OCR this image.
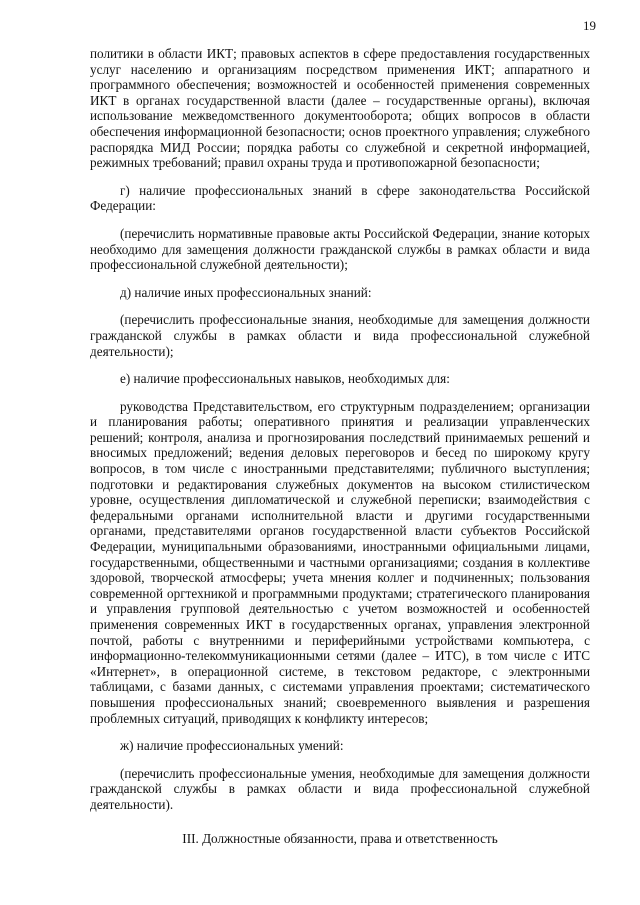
19

политики в области ИКТ; правовых аспектов в сфере предоставления государственных услуг населению и организациям посредством применения ИКТ; аппаратного и программного обеспечения; возможностей и особенностей применения современных ИКТ в органах государственной власти (далее – государственные органы), включая использование межведомственного документооборота; общих вопросов в области обеспечения информационной безопасности; основ проектного управления; служебного распорядка МИД России; порядка работы со служебной и секретной информацией, режимных требований; правил охраны труда и противопожарной безопасности;

г) наличие профессиональных знаний в сфере законодательства Российской Федерации:

(перечислить нормативные правовые акты Российской Федерации, знание которых необходимо для замещения должности гражданской службы в рамках области и вида профессиональной служебной деятельности);

д) наличие иных профессиональных знаний:

(перечислить профессиональные знания, необходимые для замещения должности гражданской службы в рамках области и вида профессиональной служебной деятельности);

е) наличие профессиональных навыков, необходимых для:

руководства Представительством, его структурным подразделением; организации и планирования работы; оперативного принятия и реализации управленческих решений; контроля, анализа и прогнозирования последствий принимаемых решений и вносимых предложений; ведения деловых переговоров и бесед по широкому кругу вопросов, в том числе с иностранными представителями; публичного выступления; подготовки и редактирования служебных документов на высоком стилистическом уровне, осуществления дипломатической и служебной переписки; взаимодействия с федеральными органами исполнительной власти и другими государственными органами, представителями органов государственной власти субъектов Российской Федерации, муниципальными образованиями, иностранными официальными лицами, государственными, общественными и частными организациями; создания в коллективе здоровой, творческой атмосферы; учета мнения коллег и подчиненных; пользования современной оргтехникой и программными продуктами; стратегического планирования и управления групповой деятельностью с учетом возможностей и особенностей применения современных ИКТ в государственных органах, управления электронной почтой, работы с внутренними и периферийными устройствами компьютера, с информационно-телекоммуникационными сетями (далее – ИТС), в том числе с ИТС «Интернет», в операционной системе, в текстовом редакторе, с электронными таблицами, с базами данных, с системами управления проектами; систематического повышения профессиональных знаний; своевременного выявления и разрешения проблемных ситуаций, приводящих к конфликту интересов;

ж) наличие профессиональных умений:

(перечислить профессиональные умения, необходимые для замещения должности гражданской службы в рамках области и вида профессиональной служебной деятельности).

III. Должностные обязанности, права и ответственность
